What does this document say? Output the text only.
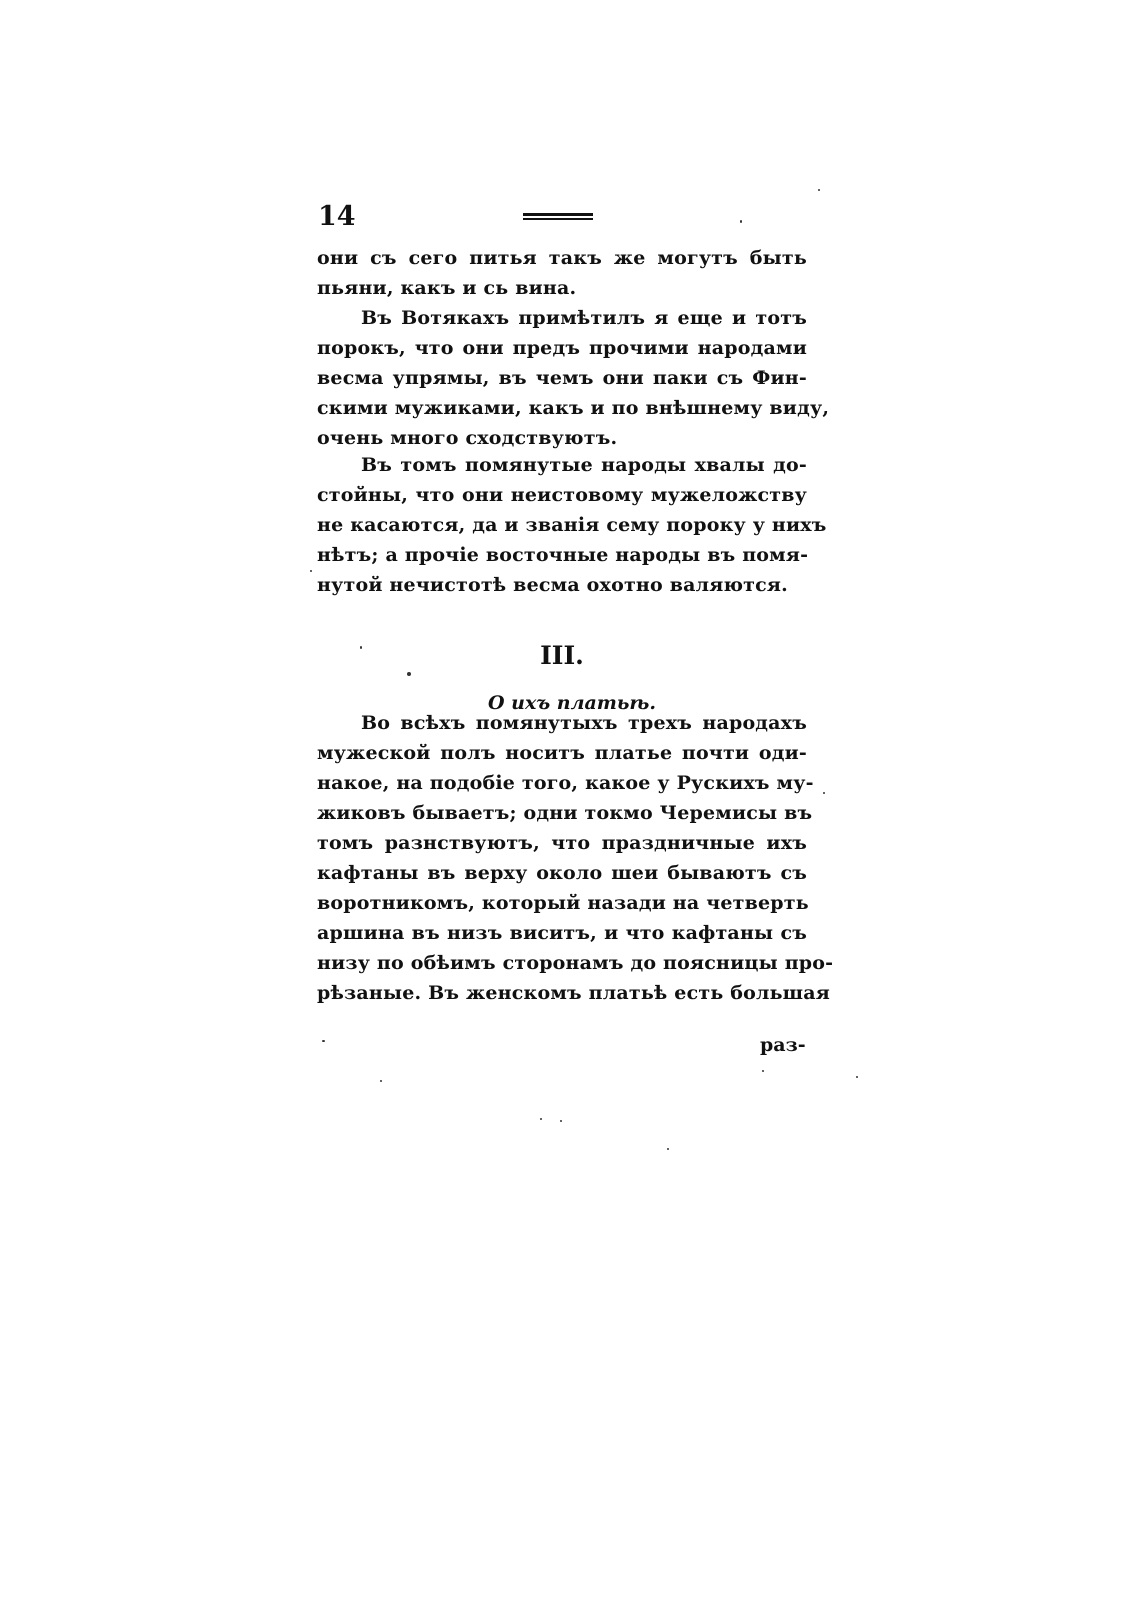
14
они съ сего питья такъ же могутъ быть
пьяни, какъ и сь вина.
Въ Вотякахъ примѣтилъ я еще и тотъ
порокъ, что они предъ прочими народами
весма упрямы, въ чемъ они паки съ Фин-
скими мужиками, какъ и по внѣшнему виду,
очень много сходствуютъ.
Въ томъ помянутые народы хвалы до-
стойны, что они неистовому мужеложству
не касаются, да и званія сему пороку у нихъ
нѣтъ; а прочіе восточные народы въ помя-
нутой нечистотѣ весма охотно валяются.
III.
О ихъ платьѣ.
Во всѣхъ помянутыхъ трехъ народахъ
мужеской полъ носитъ платье почти оди-
накое, на подобіе того, какое у Рускихъ му-
жиковъ бываетъ; одни токмо Черемисы въ
томъ разнствуютъ, что праздничные ихъ
кафтаны въ верху около шеи бываютъ съ
воротникомъ, который назади на четверть
аршина въ низъ виситъ, и что кафтаны съ
низу по обѣимъ сторонамъ до поясницы про-
рѣзаные. Въ женскомъ платьѣ есть большая
раз-
